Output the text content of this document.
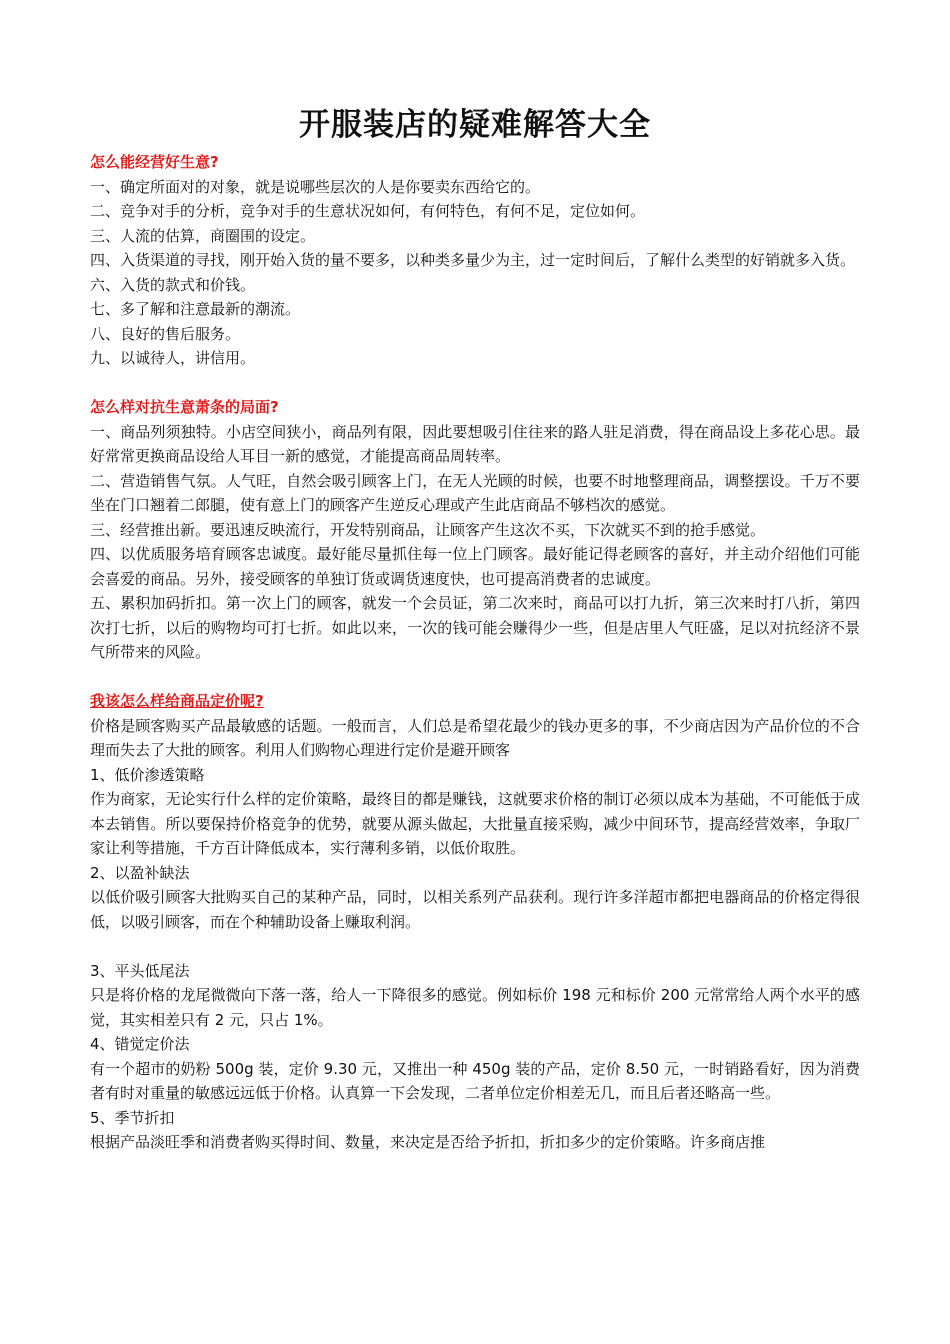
开服装店的疑难解答大全
怎么能经营好生意?
一、确定所面对的对象，就是说哪些层次的人是你要卖东西给它的。
二、竞争对手的分析，竞争对手的生意状况如何，有何特色，有何不足，定位如何。
三、人流的估算，商圈围的设定。
四、入货渠道的寻找，刚开始入货的量不要多，以种类多量少为主，过一定时间后，了解什么类型的好销就多入货。
六、入货的款式和价钱。
七、多了解和注意最新的潮流。
八、良好的售后服务。
九、以诚待人，讲信用。
怎么样对抗生意萧条的局面?
一、商品列须独特。小店空间狭小，商品列有限，因此要想吸引住往来的路人驻足消费，得在商品设上多花心思。最好常常更换商品设给人耳目一新的感觉，才能提高商品周转率。
二、营造销售气氛。人气旺，自然会吸引顾客上门，在无人光顾的时候，也要不时地整理商品，调整摆设。千万不要坐在门口翘着二郎腿，使有意上门的顾客产生逆反心理或产生此店商品不够档次的感觉。
三、经营推出新。要迅速反映流行，开发特别商品，让顾客产生这次不买，下次就买不到的抢手感觉。
四、以优质服务培育顾客忠诚度。最好能尽量抓住每一位上门顾客。最好能记得老顾客的喜好，并主动介绍他们可能会喜爱的商品。另外，接受顾客的单独订货或调货速度快，也可提高消费者的忠诚度。
五、累积加码折扣。第一次上门的顾客，就发一个会员证，第二次来时，商品可以打九折，第三次来时打八折，第四次打七折，以后的购物均可打七折。如此以来，一次的钱可能会赚得少一些，但是店里人气旺盛，足以对抗经济不景气所带来的风险。
我该怎么样给商品定价呢?
价格是顾客购买产品最敏感的话题。一般而言，人们总是希望花最少的钱办更多的事，不少商店因为产品价位的不合理而失去了大批的顾客。利用人们购物心理进行定价是避开顾客
1、低价渗透策略
作为商家，无论实行什么样的定价策略，最终目的都是赚钱，这就要求价格的制订必须以成本为基础，不可能低于成本去销售。所以要保持价格竞争的优势，就要从源头做起，大批量直接采购，减少中间环节，提高经营效率，争取厂家让利等措施，千方百计降低成本，实行薄利多销，以低价取胜。
2、以盈补缺法
以低价吸引顾客大批购买自己的某种产品，同时，以相关系列产品获利。现行许多洋超市都把电器商品的价格定得很低，以吸引顾客，而在个种辅助设备上赚取利润。
3、平头低尾法
只是将价格的龙尾微微向下落一落，给人一下降很多的感觉。例如标价 198 元和标价 200 元常常给人两个水平的感觉，其实相差只有 2 元，只占 1%。
4、错觉定价法
有一个超市的奶粉 500g 装，定价 9.30 元，又推出一种 450g 装的产品，定价 8.50 元，一时销路看好，因为消费者有时对重量的敏感远远低于价格。认真算一下会发现，二者单位定价相差无几，而且后者还略高一些。
5、季节折扣
根据产品淡旺季和消费者购买得时间、数量，来决定是否给予折扣，折扣多少的定价策略。许多商店推
